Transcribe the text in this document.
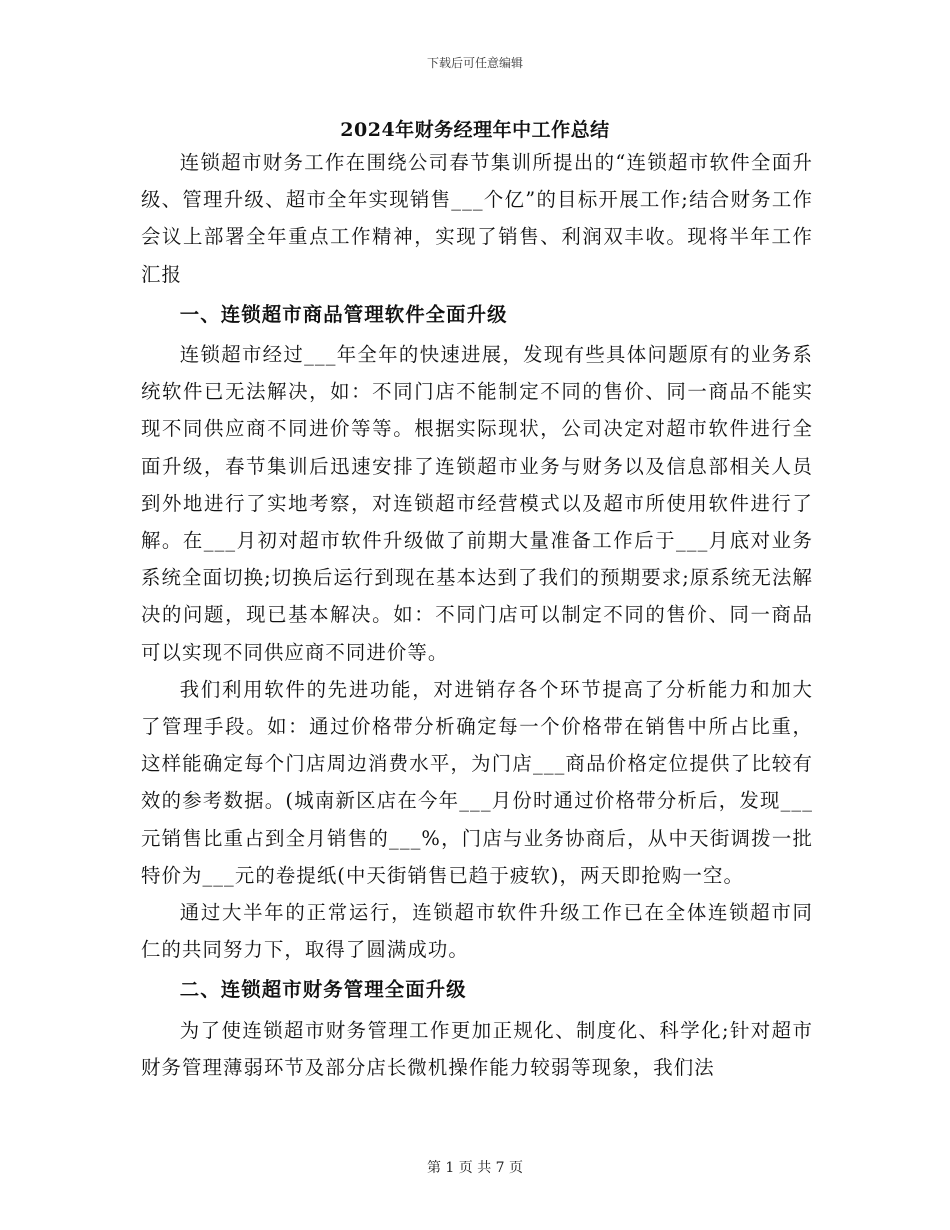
下载后可任意编辑
2024年财务经理年中工作总结

连锁超市财务工作在围绕公司春节集训所提出的“连锁超市软件全面升级、管理升级、超市全年实现销售___个亿”的目标开展工作;结合财务工作会议上部署全年重点工作精神，实现了销售、利润双丰收。现将半年工作汇报

一、连锁超市商品管理软件全面升级

连锁超市经过___年全年的快速进展，发现有些具体问题原有的业务系统软件已无法解决，如：不同门店不能制定不同的售价、同一商品不能实现不同供应商不同进价等等。根据实际现状，公司决定对超市软件进行全面升级，春节集训后迅速安排了连锁超市业务与财务以及信息部相关人员到外地进行了实地考察，对连锁超市经营模式以及超市所使用软件进行了解。在___月初对超市软件升级做了前期大量准备工作后于___月底对业务系统全面切换;切换后运行到现在基本达到了我们的预期要求;原系统无法解决的问题，现已基本解决。如：不同门店可以制定不同的售价、同一商品可以实现不同供应商不同进价等。

我们利用软件的先进功能，对进销存各个环节提高了分析能力和加大了管理手段。如：通过价格带分析确定每一个价格带在销售中所占比重，这样能确定每个门店周边消费水平，为门店___商品价格定位提供了比较有效的参考数据。(城南新区店在今年___月份时通过价格带分析后，发现___元销售比重占到全月销售的___%，门店与业务协商后，从中天街调拨一批特价为___元的卷提纸(中天街销售已趋于疲软)，两天即抢购一空。

通过大半年的正常运行，连锁超市软件升级工作已在全体连锁超市同仁的共同努力下，取得了圆满成功。

二、连锁超市财务管理全面升级

为了使连锁超市财务管理工作更加正规化、制度化、科学化;针对超市财务管理薄弱环节及部分店长微机操作能力较弱等现象，我们法

第 1 页 共 7 页
